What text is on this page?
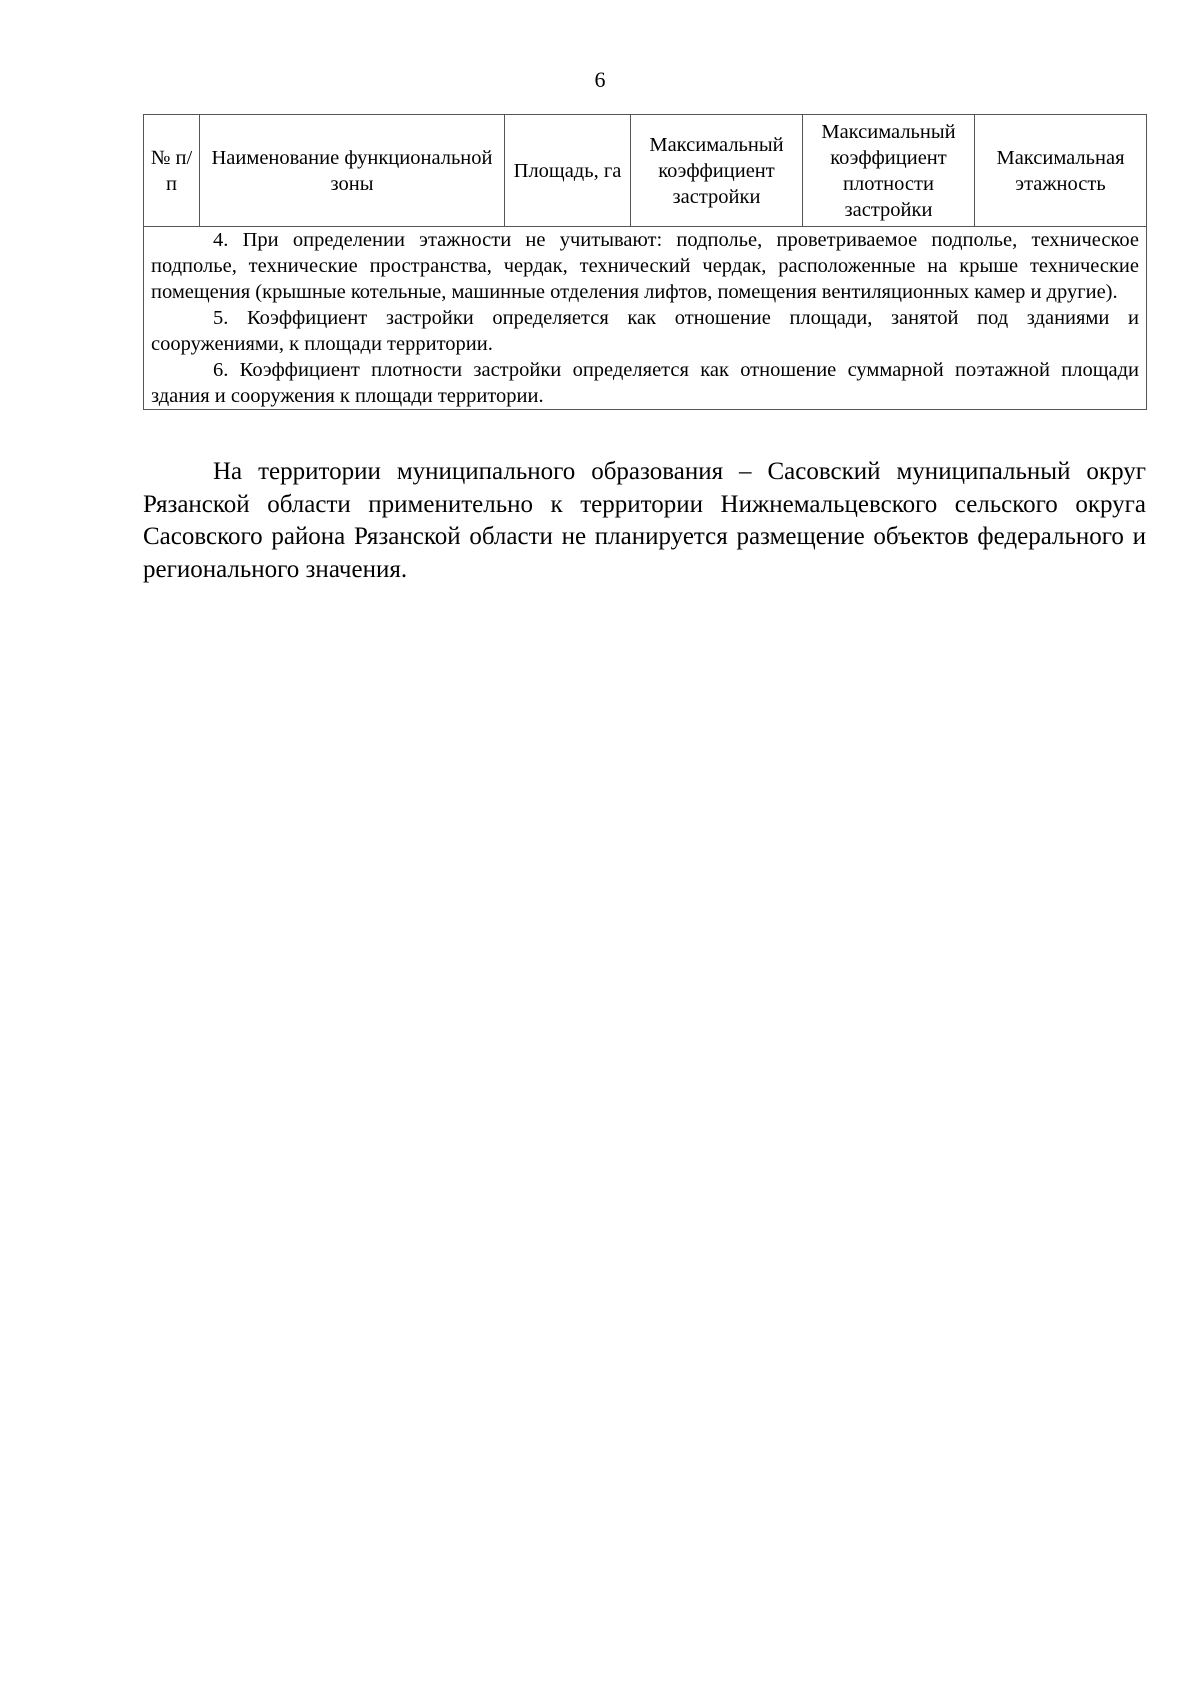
6
№ п/п	Наименование функциональной зоны	Площадь, га	Максимальный коэффициент застройки	Максимальный коэффициент плотности застройки	Максимальная этажность

4. При определении этажности не учитывают: подполье, проветриваемое подполье, техническое подполье, технические пространства, чердак, технический чердак, расположенные на крыше технические помещения (крышные котельные, машинные отделения лифтов, помещения вентиляционных камер и другие).

5. Коэффициент застройки определяется как отношение площади, занятой под зданиями и сооружениями, к площади территории.

6. Коэффициент плотности застройки определяется как отношение суммарной поэтажной площади здания и сооружения к площади территории.

На территории муниципального образования – Сасовский муниципальный округ Рязанской области применительно к территории Нижнемальцевского сельского округа Сасовского района Рязанской области не планируется размещение объектов федерального и регионального значения.
